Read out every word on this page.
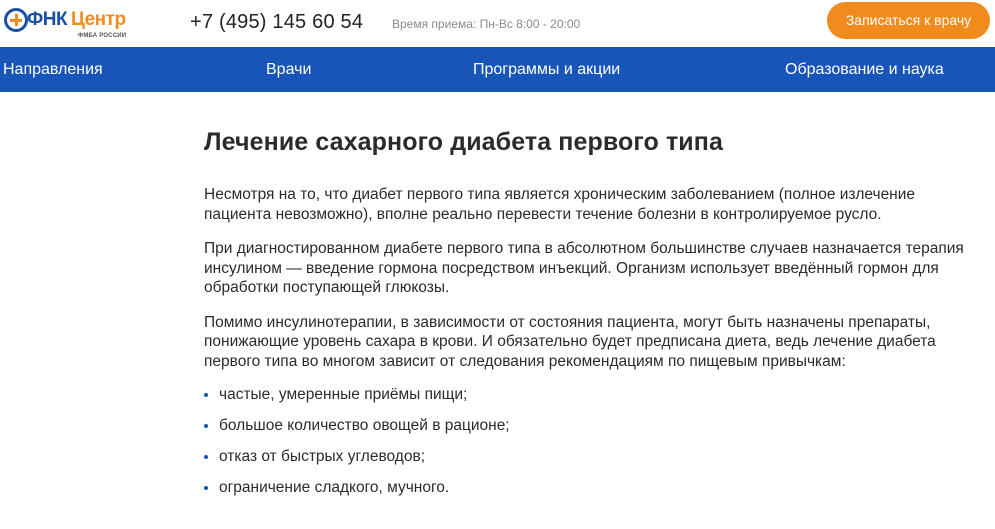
ФНК Центр
ФМБА РОССИИ
+7 (495) 145 60 54 Время приема: Пн-Вс 8:00 - 20:00	Записаться к врачу
Направления	Врачи	Программы и акции	Образование и наука
Лечение сахарного диабета первого типа

Несмотря на то, что диабет первого типа является хроническим заболеванием (полное излечение пациента невозможно), вполне реально перевести течение болезни в контролируемое русло.

При диагностированном диабете первого типа в абсолютном большинстве случаев назначается терапия инсулином — введение гормона посредством инъекций. Организм использует введённый гормон для обработки поступающей глюкозы.

Помимо инсулинотерапии, в зависимости от состояния пациента, могут быть назначены препараты, понижающие уровень сахара в крови. И обязательно будет предписана диета, ведь лечение диабета первого типа во многом зависит от следования рекомендациям по пищевым привычкам:

частые, умеренные приёмы пищи;
большое количество овощей в рационе;
отказ от быстрых углеводов;
ограничение сладкого, мучного.
